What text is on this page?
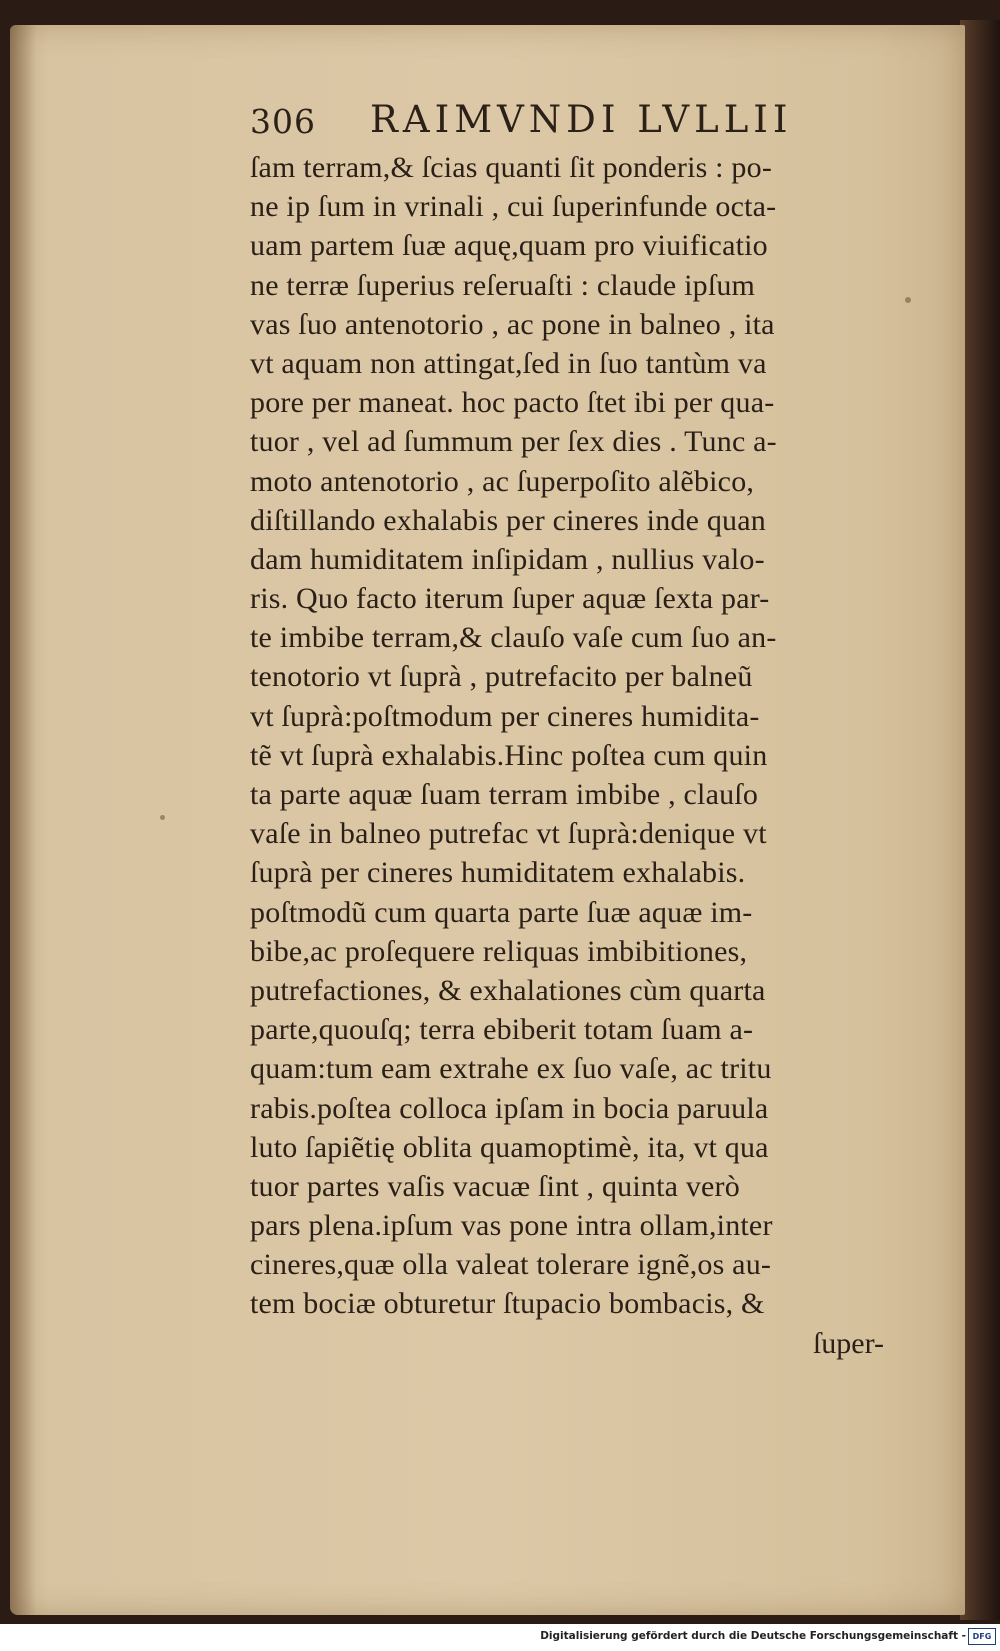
306 RAIMVNDI LVLLII
ſam terram,& ſcias quanti ſit ponderis : po-
ne ip ſum in vrinali , cui ſuperinfunde octa-
uam partem ſuæ aquę,quam pro viuificatio
ne terræ ſuperius reſeruaſti : claude ipſum
vas ſuo antenotorio , ac pone in balneo , ita
vt aquam non attingat,ſed in ſuo tantùm va
pore per maneat. hoc pacto ſtet ibi per qua-
tuor , vel ad ſummum per ſex dies . Tunc a-
moto antenotorio , ac ſuperpoſito alẽbico,
diſtillando exhalabis per cineres inde quan
dam humiditatem inſipidam , nullius valo-
ris. Quo facto iterum ſuper aquæ ſexta par-
te imbibe terram,& clauſo vaſe cum ſuo an-
tenotorio vt ſuprà , putrefacito per balneũ
vt ſuprà:poſtmodum per cineres humidita-
tẽ vt ſuprà exhalabis.Hinc poſtea cum quin
ta parte aquæ ſuam terram imbibe , clauſo
vaſe in balneo putrefac vt ſuprà:denique vt
ſuprà per cineres humiditatem exhalabis.
poſtmodũ cum quarta parte ſuæ aquæ im-
bibe,ac proſequere reliquas imbibitiones,
putrefactiones, & exhalationes cùm quarta
parte,quouſq; terra ebiberit totam ſuam a-
quam:tum eam extrahe ex ſuo vaſe, ac tritu
rabis.poſtea colloca ipſam in bocia paruula
luto ſapiẽtię oblita quamoptimè, ita, vt qua
tuor partes vaſis vacuæ ſint , quinta verò
pars plena.ipſum vas pone intra ollam,inter
cineres,quæ olla valeat tolerare ignẽ,os au-
tem bociæ obturetur ſtupacio bombacis, &
ſuper-
Digitalisierung gefördert durch die Deutsche Forschungsgemeinschaft - DFG
